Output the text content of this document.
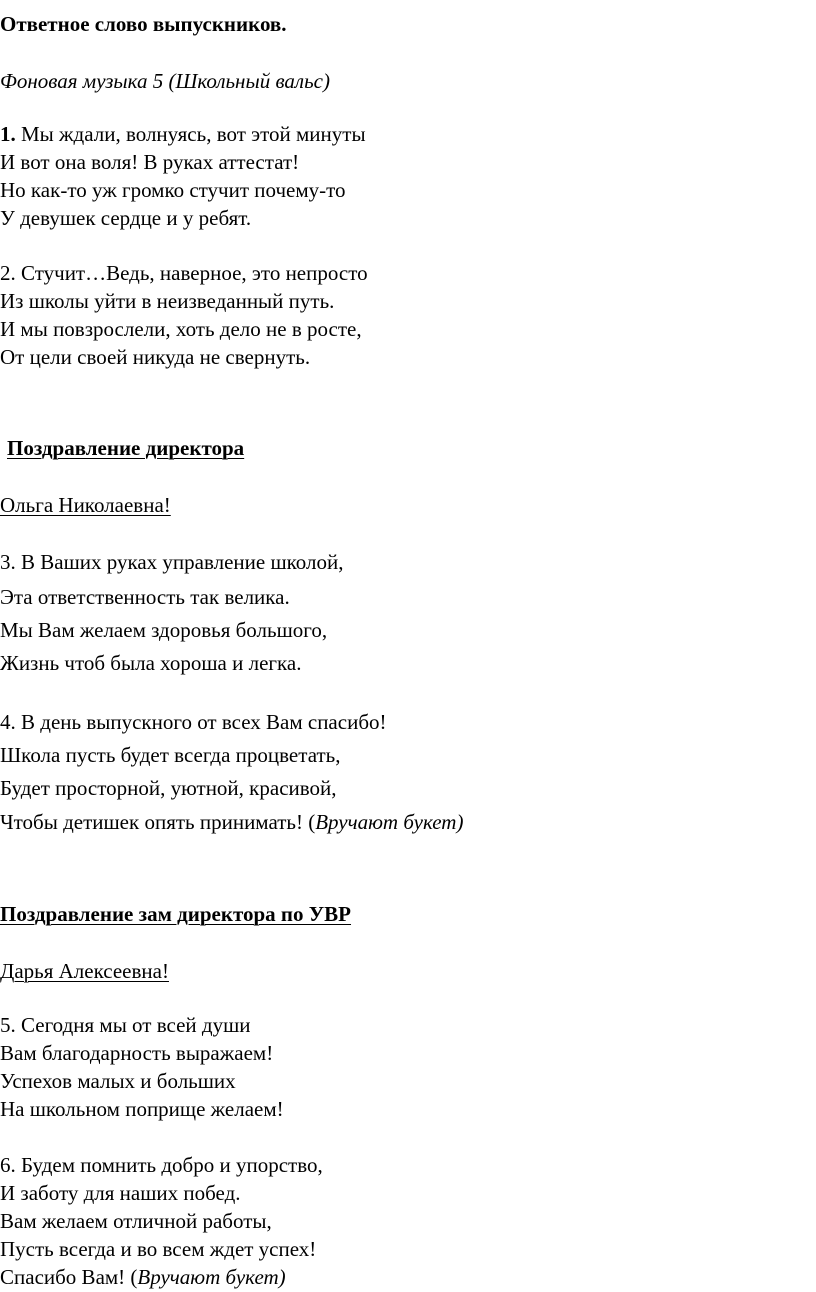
Ответное слово выпускников.
Фоновая музыка 5 (Школьный вальс)
1. Мы ждали, волнуясь, вот этой минуты
И вот она воля! В руках аттестат!
Но как-то уж громко стучит почему-то
У девушек сердце и у ребят.
2. Стучит…Ведь, наверное, это непросто
Из школы уйти в неизведанный путь.
И мы повзрослели, хоть дело не в росте,
От цели своей никуда не свернуть.
Поздравление директора
Ольга Николаевна!
3. В Ваших руках управление школой,
Эта ответственность так велика.
Мы Вам желаем здоровья большого,
Жизнь чтоб была хороша и легка.
4. В день выпускного от всех Вам спасибо!
Школа пусть будет всегда процветать,
Будет просторной, уютной, красивой,
Чтобы детишек опять принимать! (Вручают букет)
Поздравление зам директора по УВР
Дарья Алексеевна!
5. Сегодня мы от всей души
Вам благодарность выражаем!
Успехов малых и больших
На школьном поприще желаем!
6. Будем помнить добро и упорство,
И заботу для наших побед.
Вам желаем отличной работы,
Пусть всегда и во всем ждет успех!
Спасибо Вам! (Вручают букет)
